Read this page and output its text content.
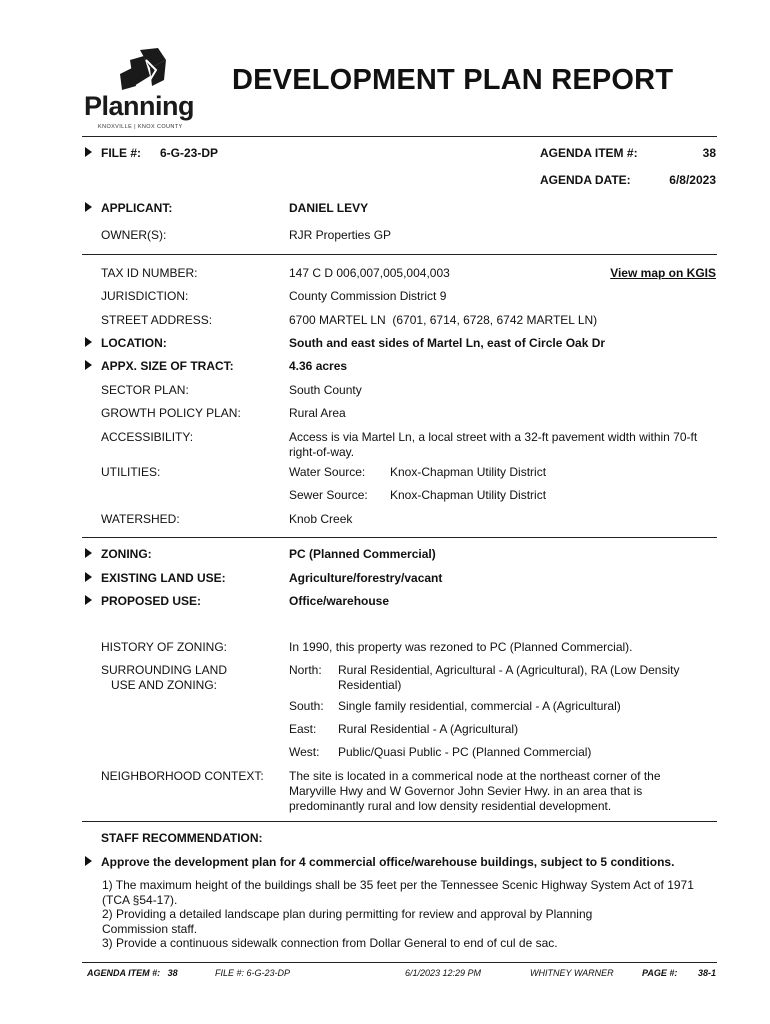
Planning
KNOXVILLE | KNOX COUNTY
DEVELOPMENT PLAN REPORT
FILE #: 6-G-23-DP	AGENDA ITEM #:	38
AGENDA DATE:	6/8/2023
APPLICANT:	DANIEL LEVY
OWNER(S):	RJR Properties GP
TAX ID NUMBER:	147 C D 006,007,005,004,003	View map on KGIS
JURISDICTION:	County Commission District 9
STREET ADDRESS:	6700 MARTEL LN  (6701, 6714, 6728, 6742 MARTEL LN)
LOCATION:	South and east sides of Martel Ln, east of Circle Oak Dr
APPX. SIZE OF TRACT:	4.36 acres
SECTOR PLAN:	South County
GROWTH POLICY PLAN:	Rural Area
ACCESSIBILITY:	Access is via Martel Ln, a local street with a 32-ft pavement width within 70-ft right-of-way.
UTILITIES:	Water Source: Knox-Chapman Utility District
Sewer Source: Knox-Chapman Utility District
WATERSHED:	Knob Creek
ZONING:	PC (Planned Commercial)
EXISTING LAND USE:	Agriculture/forestry/vacant
PROPOSED USE:	Office/warehouse
HISTORY OF ZONING:	In 1990, this property was rezoned to PC (Planned Commercial).
SURROUNDING LAND
USE AND ZONING:
North: Rural Residential, Agricultural - A (Agricultural), RA (Low Density Residential)
South: Single family residential, commercial - A (Agricultural)
East: Rural Residential - A (Agricultural)
West: Public/Quasi Public - PC (Planned Commercial)
NEIGHBORHOOD CONTEXT: The site is located in a commerical node at the northeast corner of the Maryville Hwy and W Governor John Sevier Hwy. in an area that is predominantly rural and low density residential development.
STAFF RECOMMENDATION:
Approve the development plan for 4 commercial office/warehouse buildings, subject to 5 conditions.
1) The maximum height of the buildings shall be 35 feet per the Tennessee Scenic Highway System Act of 1971 (TCA §54-17).
2) Providing a detailed landscape plan during permitting for review and approval by Planning Commission staff.
3) Provide a continuous sidewalk connection from Dollar General to end of cul de sac.
AGENDA ITEM #:   38	FILE #: 6-G-23-DP	6/1/2023 12:29 PM	WHITNEY WARNER	PAGE #:	38-1
